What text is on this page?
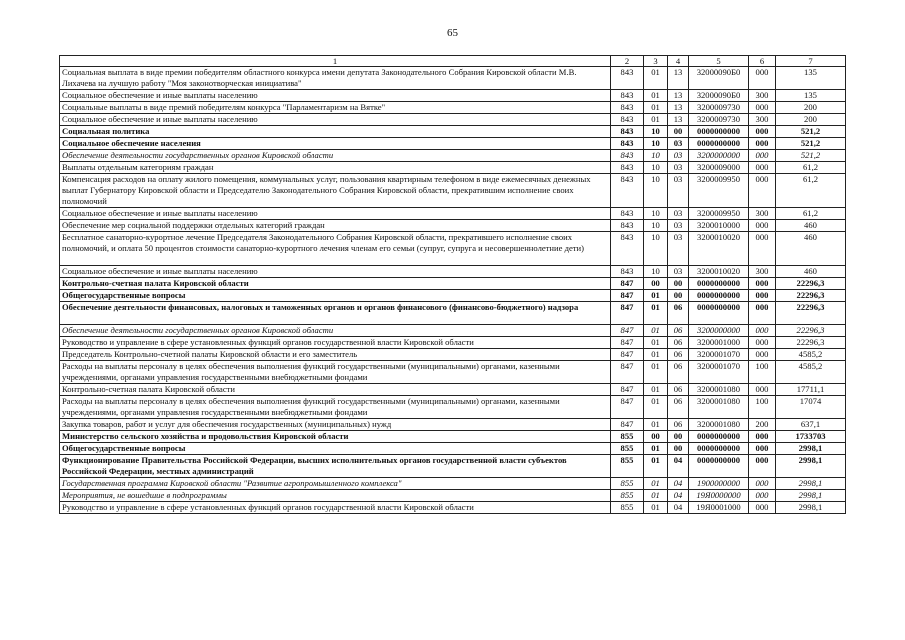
65
1	2	3	4	5	6	7
Социальная выплата в виде премии победителям областного конкурса имени депутата Законодательного Собрания Кировской области М.В. Лихачева на лучшую работу "Моя законотворческая инициатива"	843	01	13	32000090Б0	000	135
Социальное обеспечение и иные выплаты населению	843	01	13	32000090Б0	300	135
Социальные выплаты в виде премий победителям конкурса "Парламентаризм на Вятке"	843	01	13	3200009730	000	200
Социальное обеспечение и иные выплаты населению	843	01	13	3200009730	300	200
Социальная политика	843	10	00	0000000000	000	521,2
Социальное обеспечение населения	843	10	03	0000000000	000	521,2
Обеспечение деятельности государственных органов Кировской области	843	10	03	3200000000	000	521,2
Выплаты отдельным категориям граждан	843	10	03	3200009000	000	61,2
Компенсация расходов на оплату жилого помещения, коммунальных услуг, пользования квартирным телефоном в виде ежемесячных денежных выплат Губернатору Кировской области и Председателю Законодательного Собрания Кировской области, прекратившим исполнение своих полномочий	843	10	03	3200009950	000	61,2
Социальное обеспечение и иные выплаты населению	843	10	03	3200009950	300	61,2
Обеспечение мер социальной поддержки отдельных категорий граждан	843	10	03	3200010000	000	460
Бесплатное санаторно-курортное лечение Председателя Законодательного Собрания Кировской области, прекратившего исполнение своих полномочий, и оплата 50 процентов стоимости санаторно-курортного лечения членам его семьи (супруг, супруга и несовершеннолетние дети)	843	10	03	3200010020	000	460
Социальное обеспечение и иные выплаты населению	843	10	03	3200010020	300	460
Контрольно-счетная палата Кировской области	847	00	00	0000000000	000	22296,3
Общегосударственные вопросы	847	01	00	0000000000	000	22296,3
Обеспечение деятельности финансовых, налоговых и таможенных органов и органов финансового (финансово-бюджетного) надзора	847	01	06	0000000000	000	22296,3
Обеспечение деятельности государственных органов Кировской области	847	01	06	3200000000	000	22296,3
Руководство и управление в сфере установленных функций органов государственной власти Кировской области	847	01	06	3200001000	000	22296,3
Председатель Контрольно-счетной палаты Кировской области и его заместитель	847	01	06	3200001070	000	4585,2
Расходы на выплаты персоналу в целях обеспечения выполнения функций государственными (муниципальными) органами, казенными учреждениями, органами управления государственными внебюджетными фондами	847	01	06	3200001070	100	4585,2
Контрольно-счетная палата Кировской области	847	01	06	3200001080	000	17711,1
Расходы на выплаты персоналу в целях обеспечения выполнения функций государственными (муниципальными) органами, казенными учреждениями, органами управления государственными внебюджетными фондами	847	01	06	3200001080	100	17074
Закупка товаров, работ и услуг для обеспечения государственных (муниципальных) нужд	847	01	06	3200001080	200	637,1
Министерство сельского хозяйства и продовольствия Кировской области	855	00	00	0000000000	000	1733703
Общегосударственные вопросы	855	01	00	0000000000	000	2998,1
Функционирование Правительства Российской Федерации, высших исполнительных органов государственной власти субъектов Российской Федерации, местных администраций	855	01	04	0000000000	000	2998,1
Государственная программа Кировской области "Развитие агропромышленного комплекса"	855	01	04	1900000000	000	2998,1
Мероприятия, не вошедшие в подпрограммы	855	01	04	19Я0000000	000	2998,1
Руководство и управление в сфере установленных функций органов государственной власти Кировской области	855	01	04	19Я0001000	000	2998,1
